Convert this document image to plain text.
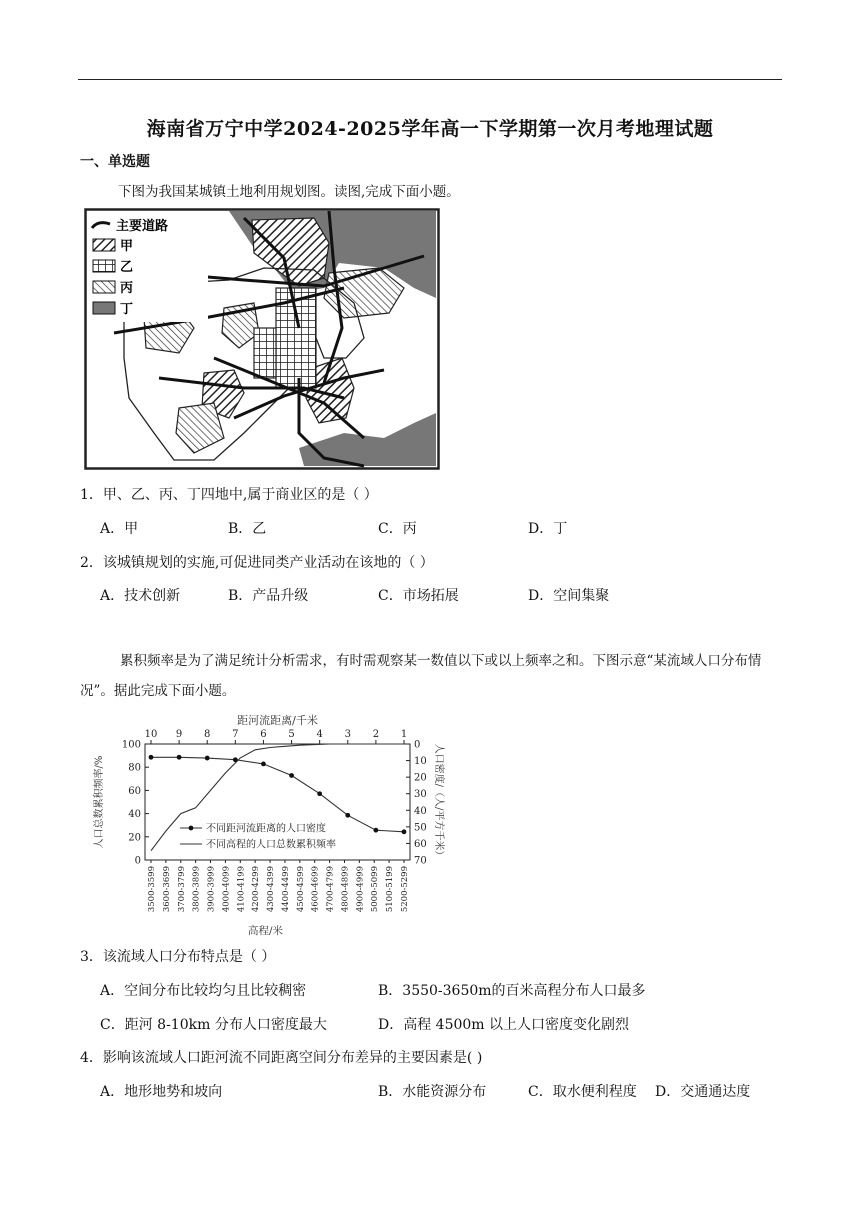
海南省万宁中学2024-2025学年高一下学期第一次月考地理试题
一、单选题
下图为我国某城镇土地利用规划图。读图,完成下面小题。
主要道路
甲
乙
丙
丁
1．甲、乙、丙、丁四地中,属于商业区的是（ ）
A．甲	B．乙	C．丙	D．丁
2．该城镇规划的实施,可促进同类产业活动在该地的（ ）
A．技术创新	B．产品升级	C．市场拓展	D．空间集聚
累积频率是为了满足统计分析需求，有时需观察某一数值以下或以上频率之和。下图示意“某流域人口分布情况”。据此完成下面小题。
距河流距离/千米
10 9 8 7 6 5 4 3 2 1
100
80
60
40
20
0
人口总数累积频率/%
0
10
20
30
40
50
60
70
人口密度/（人/平方千米）
3500-3599 3600-3699 3700-3799 3800-3899 3900-3999 4000-4099 4100-4199 4200-4299 4300-4399 4400-4499 4500-4599 4600-4699 4700-4799 4800-4899 4900-4999 5000-5099 5100-5199 5200-5299
高程/米
不同距河流距离的人口密度
不同高程的人口总数累积频率
3．该流域人口分布特点是（ ）
A．空间分布比较均匀且比较稠密	B．3550-3650m的百米高程分布人口最多
C．距河 8-10km 分布人口密度最大	D．高程 4500m 以上人口密度变化剧烈
4．影响该流域人口距河流不同距离空间分布差异的主要因素是( )
A．地形地势和坡向	B．水能资源分布	C．取水便利程度 D．交通通达度
